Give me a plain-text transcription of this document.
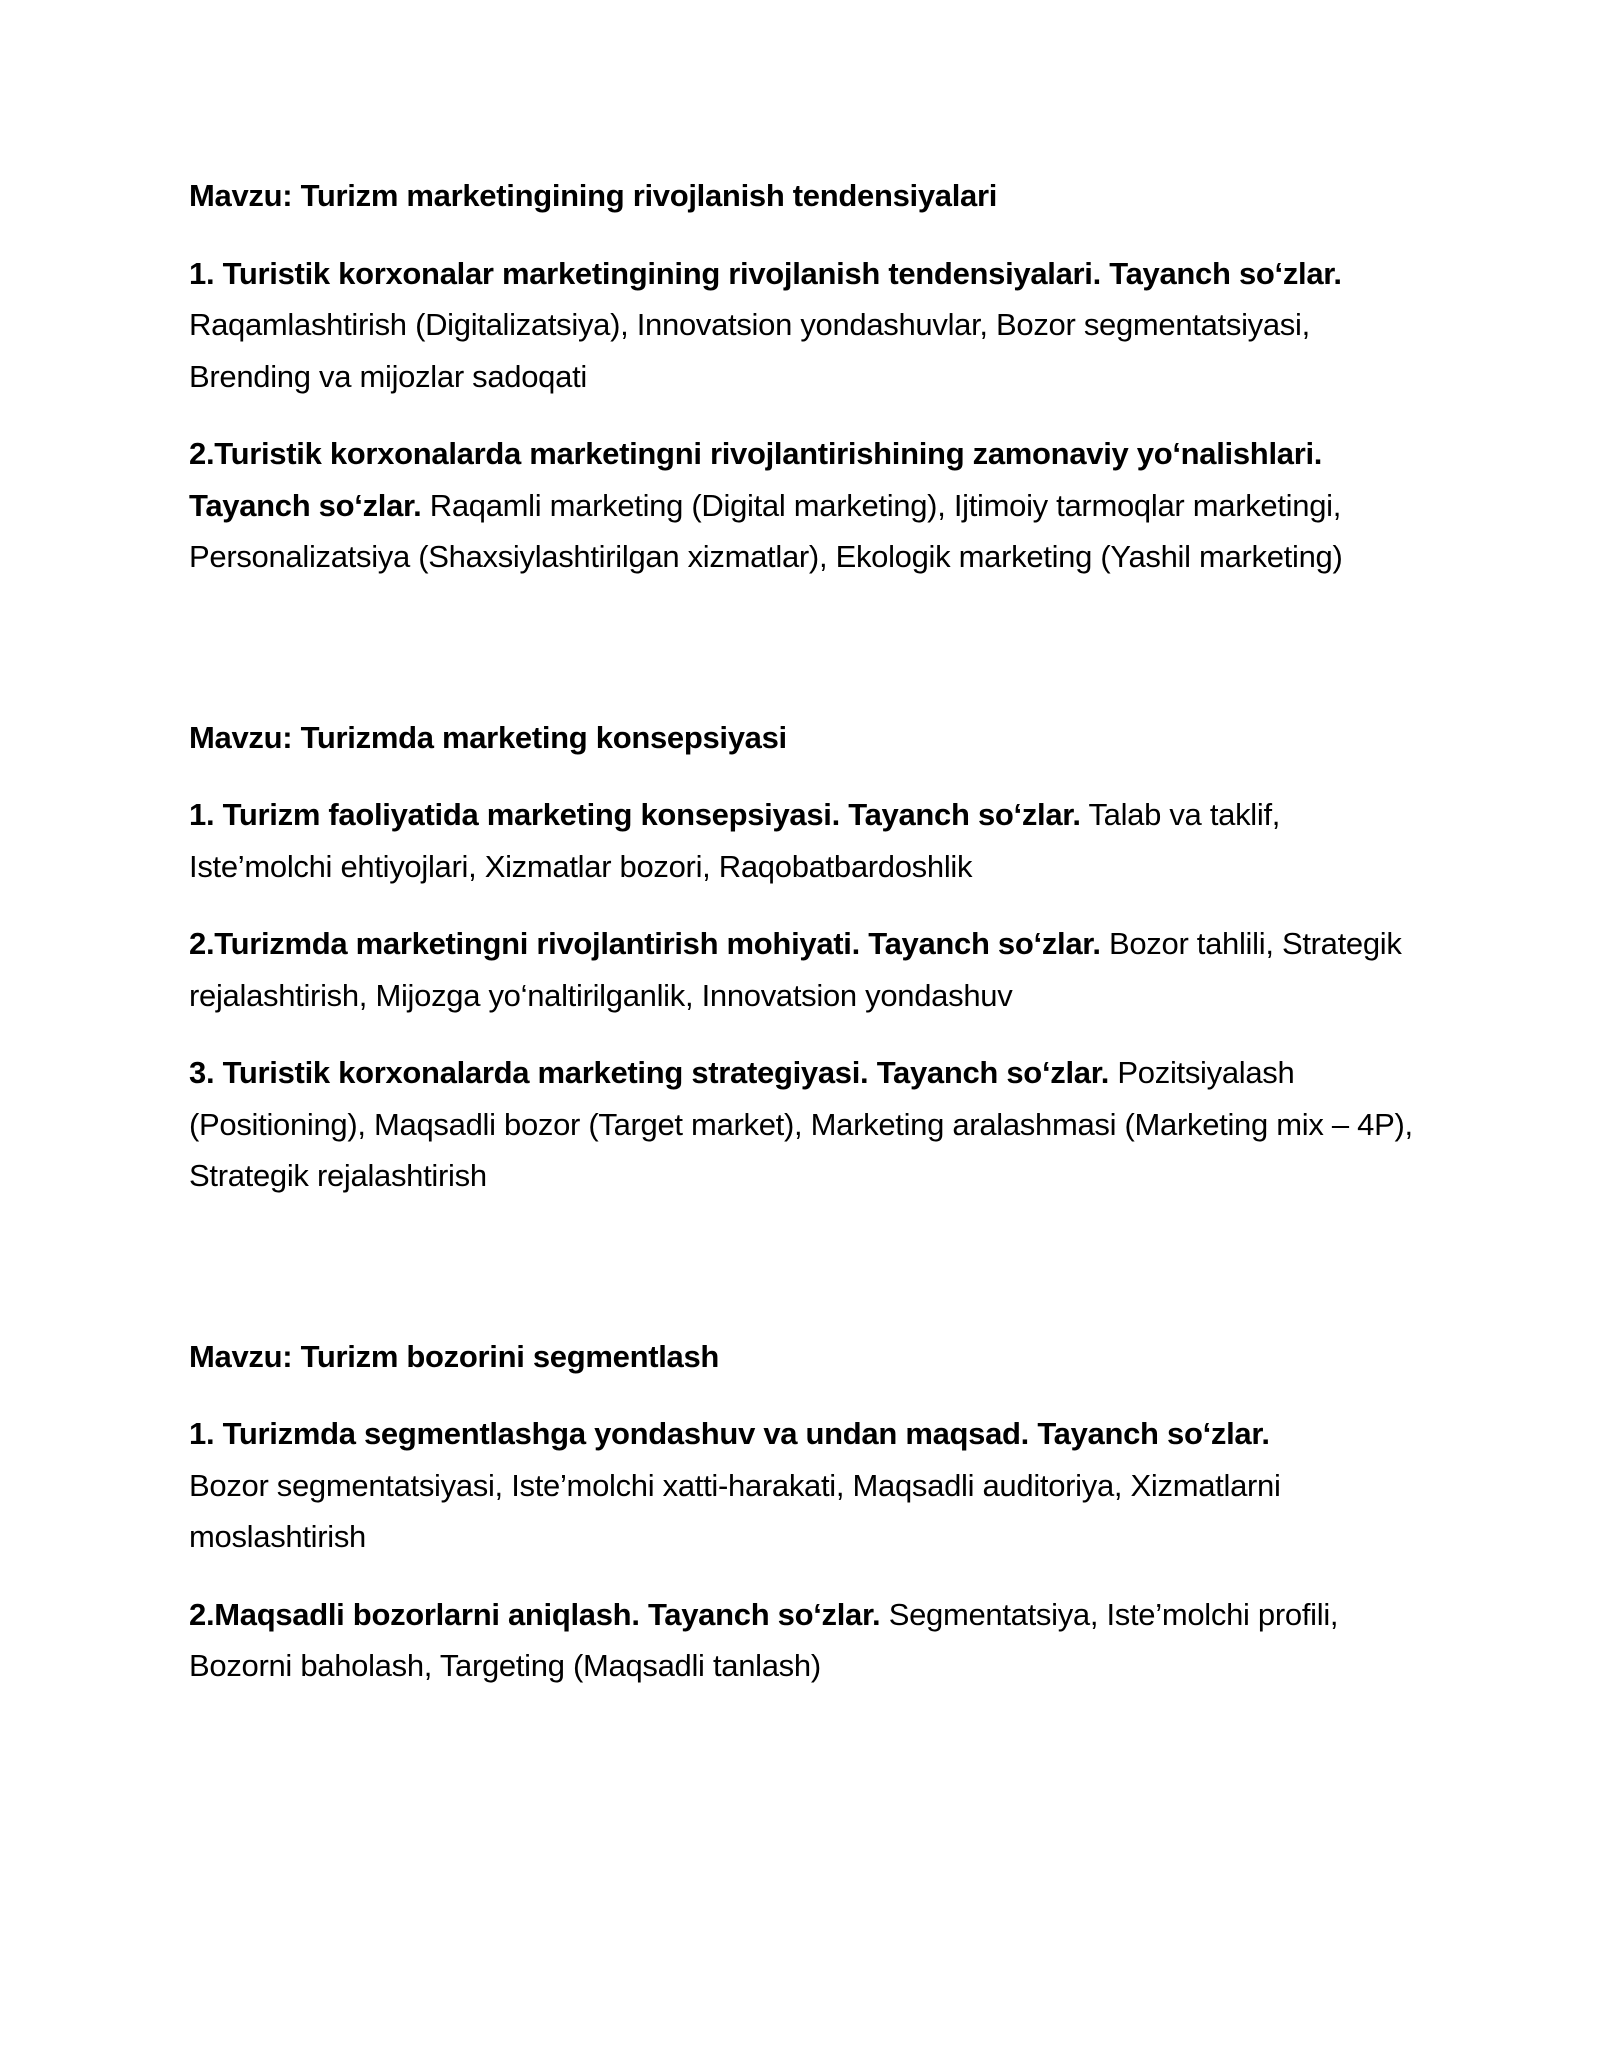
Mavzu: Turizm marketingining rivojlanish tendensiyalari

1. Turistik korxonalar marketingining rivojlanish tendensiyalari. Tayanch so‘zlar.
Raqamlashtirish (Digitalizatsiya), Innovatsion yondashuvlar, Bozor segmentatsiyasi, Brending va mijozlar sadoqati

2.Turistik korxonalarda marketingni rivojlantirishining zamonaviy yo‘nalishlari.
Tayanch so‘zlar. Raqamli marketing (Digital marketing), Ijtimoiy tarmoqlar marketingi, Personalizatsiya (Shaxsiylashtirilgan xizmatlar), Ekologik marketing (Yashil marketing)

Mavzu: Turizmda marketing konsepsiyasi

1. Turizm faoliyatida marketing konsepsiyasi. Tayanch so‘zlar. Talab va taklif, Iste’molchi ehtiyojlari, Xizmatlar bozori, Raqobatbardoshlik

2.Turizmda marketingni rivojlantirish mohiyati. Tayanch so‘zlar. Bozor tahlili, Strategik rejalashtirish, Mijozga yo‘naltirilganlik, Innovatsion yondashuv

3. Turistik korxonalarda marketing strategiyasi. Tayanch so‘zlar. Pozitsiyalash (Positioning), Maqsadli bozor (Target market), Marketing aralashmasi (Marketing mix – 4P), Strategik rejalashtirish

Mavzu: Turizm bozorini segmentlash

1. Turizmda segmentlashga yondashuv va undan maqsad. Tayanch so‘zlar.
Bozor segmentatsiyasi, Iste’molchi xatti-harakati, Maqsadli auditoriya, Xizmatlarni moslashtirish

2.Maqsadli bozorlarni aniqlash. Tayanch so‘zlar. Segmentatsiya, Iste’molchi profili, Bozorni baholash, Targeting (Maqsadli tanlash)
